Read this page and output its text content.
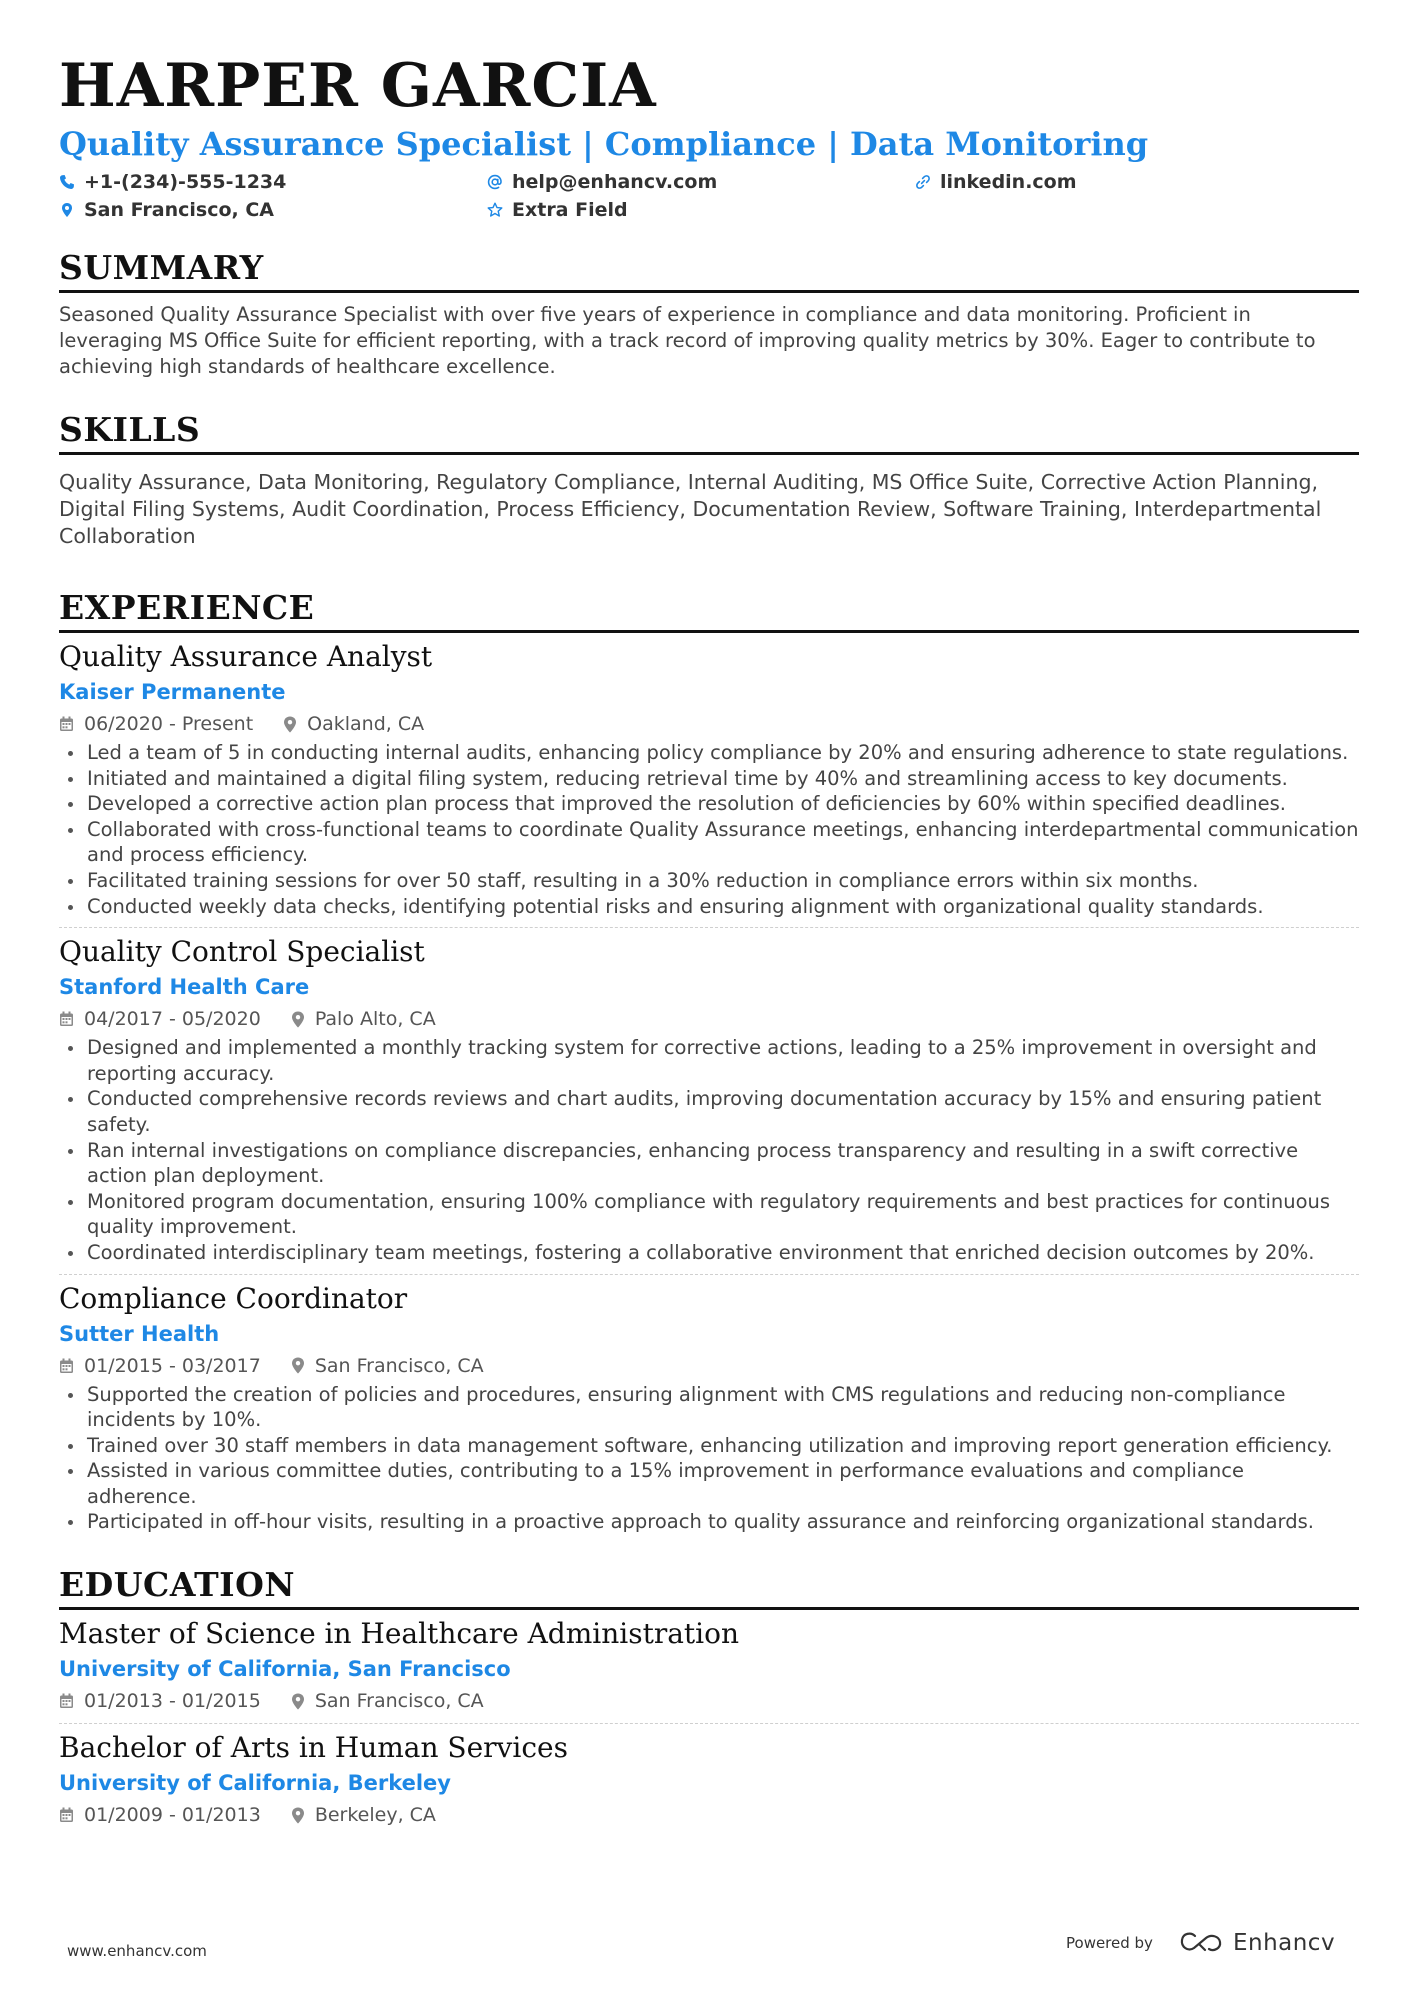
HARPER GARCIA
Quality Assurance Specialist | Compliance | Data Monitoring
+1-(234)-555-1234	help@enhancv.com	linkedin.com
San Francisco, CA	Extra Field
SUMMARY
Seasoned Quality Assurance Specialist with over five years of experience in compliance and data monitoring. Proficient in leveraging MS Office Suite for efficient reporting, with a track record of improving quality metrics by 30%. Eager to contribute to achieving high standards of healthcare excellence.
SKILLS
Quality Assurance, Data Monitoring, Regulatory Compliance, Internal Auditing, MS Office Suite, Corrective Action Planning, Digital Filing Systems, Audit Coordination, Process Efficiency, Documentation Review, Software Training, Interdepartmental Collaboration
EXPERIENCE
Quality Assurance Analyst
Kaiser Permanente
06/2020 - Present	Oakland, CA
Led a team of 5 in conducting internal audits, enhancing policy compliance by 20% and ensuring adherence to state regulations.
Initiated and maintained a digital filing system, reducing retrieval time by 40% and streamlining access to key documents.
Developed a corrective action plan process that improved the resolution of deficiencies by 60% within specified deadlines.
Collaborated with cross-functional teams to coordinate Quality Assurance meetings, enhancing interdepartmental communication and process efficiency.
Facilitated training sessions for over 50 staff, resulting in a 30% reduction in compliance errors within six months.
Conducted weekly data checks, identifying potential risks and ensuring alignment with organizational quality standards.
Quality Control Specialist
Stanford Health Care
04/2017 - 05/2020	Palo Alto, CA
Designed and implemented a monthly tracking system for corrective actions, leading to a 25% improvement in oversight and reporting accuracy.
Conducted comprehensive records reviews and chart audits, improving documentation accuracy by 15% and ensuring patient safety.
Ran internal investigations on compliance discrepancies, enhancing process transparency and resulting in a swift corrective action plan deployment.
Monitored program documentation, ensuring 100% compliance with regulatory requirements and best practices for continuous quality improvement.
Coordinated interdisciplinary team meetings, fostering a collaborative environment that enriched decision outcomes by 20%.
Compliance Coordinator
Sutter Health
01/2015 - 03/2017	San Francisco, CA
Supported the creation of policies and procedures, ensuring alignment with CMS regulations and reducing non-compliance incidents by 10%.
Trained over 30 staff members in data management software, enhancing utilization and improving report generation efficiency.
Assisted in various committee duties, contributing to a 15% improvement in performance evaluations and compliance adherence.
Participated in off-hour visits, resulting in a proactive approach to quality assurance and reinforcing organizational standards.
EDUCATION
Master of Science in Healthcare Administration
University of California, San Francisco
01/2013 - 01/2015	San Francisco, CA
Bachelor of Arts in Human Services
University of California, Berkeley
01/2009 - 01/2013	Berkeley, CA
www.enhancv.com	Powered by	Enhancv
